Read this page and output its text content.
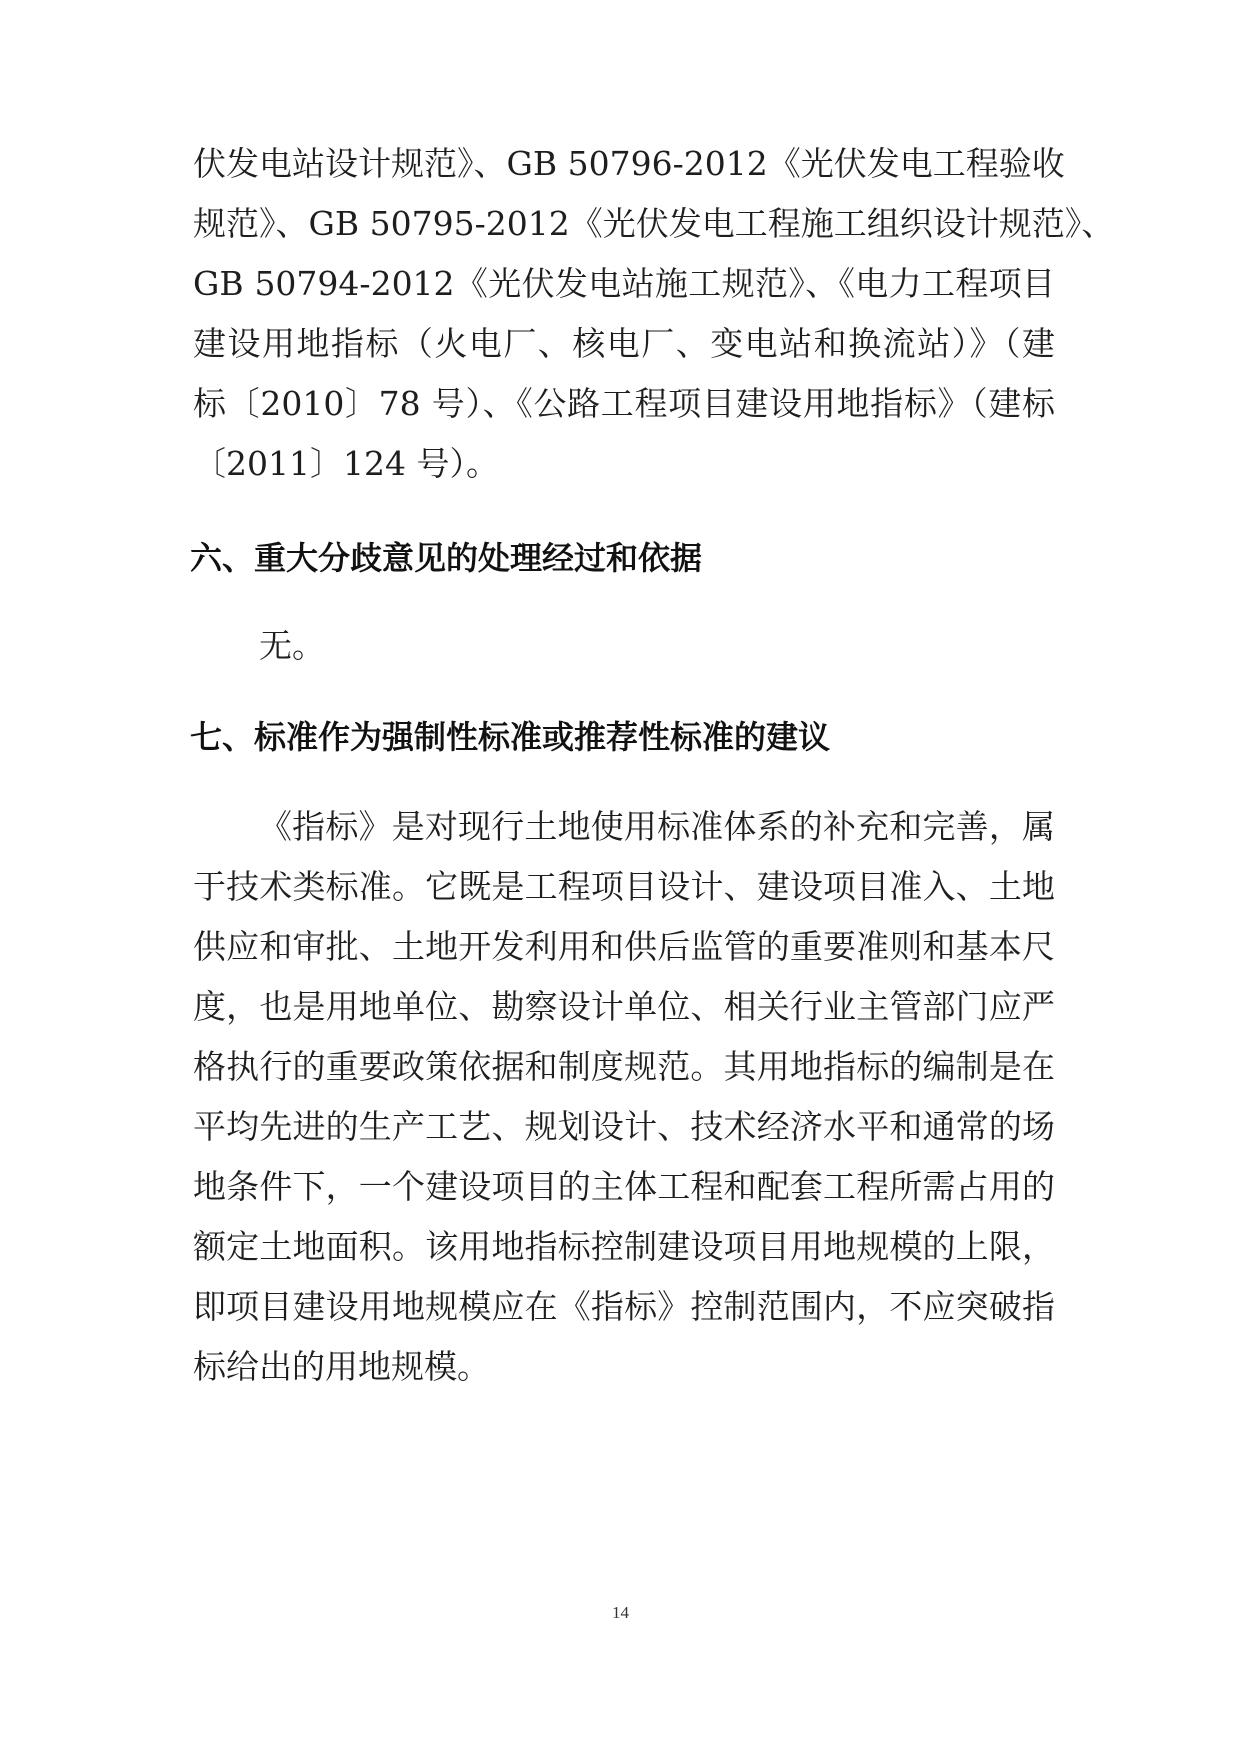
伏发电站设计规范》、GB 50796-2012《光伏发电工程验收
规范》、GB 50795-2012《光伏发电工程施工组织设计规范》、
GB 50794-2012《光伏发电站施工规范》、《电力工程项目
建设用地指标（火电厂、核电厂、变电站和换流站）》（建
标〔2010〕78 号）、《公路工程项目建设用地指标》（建标
〔2011〕124 号）。
六、重大分歧意见的处理经过和依据
无。
七、标准作为强制性标准或推荐性标准的建议
《指标》是对现行土地使用标准体系的补充和完善，属
于技术类标准。它既是工程项目设计、建设项目准入、土地
供应和审批、土地开发利用和供后监管的重要准则和基本尺
度，也是用地单位、勘察设计单位、相关行业主管部门应严
格执行的重要政策依据和制度规范。其用地指标的编制是在
平均先进的生产工艺、规划设计、技术经济水平和通常的场
地条件下，一个建设项目的主体工程和配套工程所需占用的
额定土地面积。该用地指标控制建设项目用地规模的上限，
即项目建设用地规模应在《指标》控制范围内，不应突破指
标给出的用地规模。
14
